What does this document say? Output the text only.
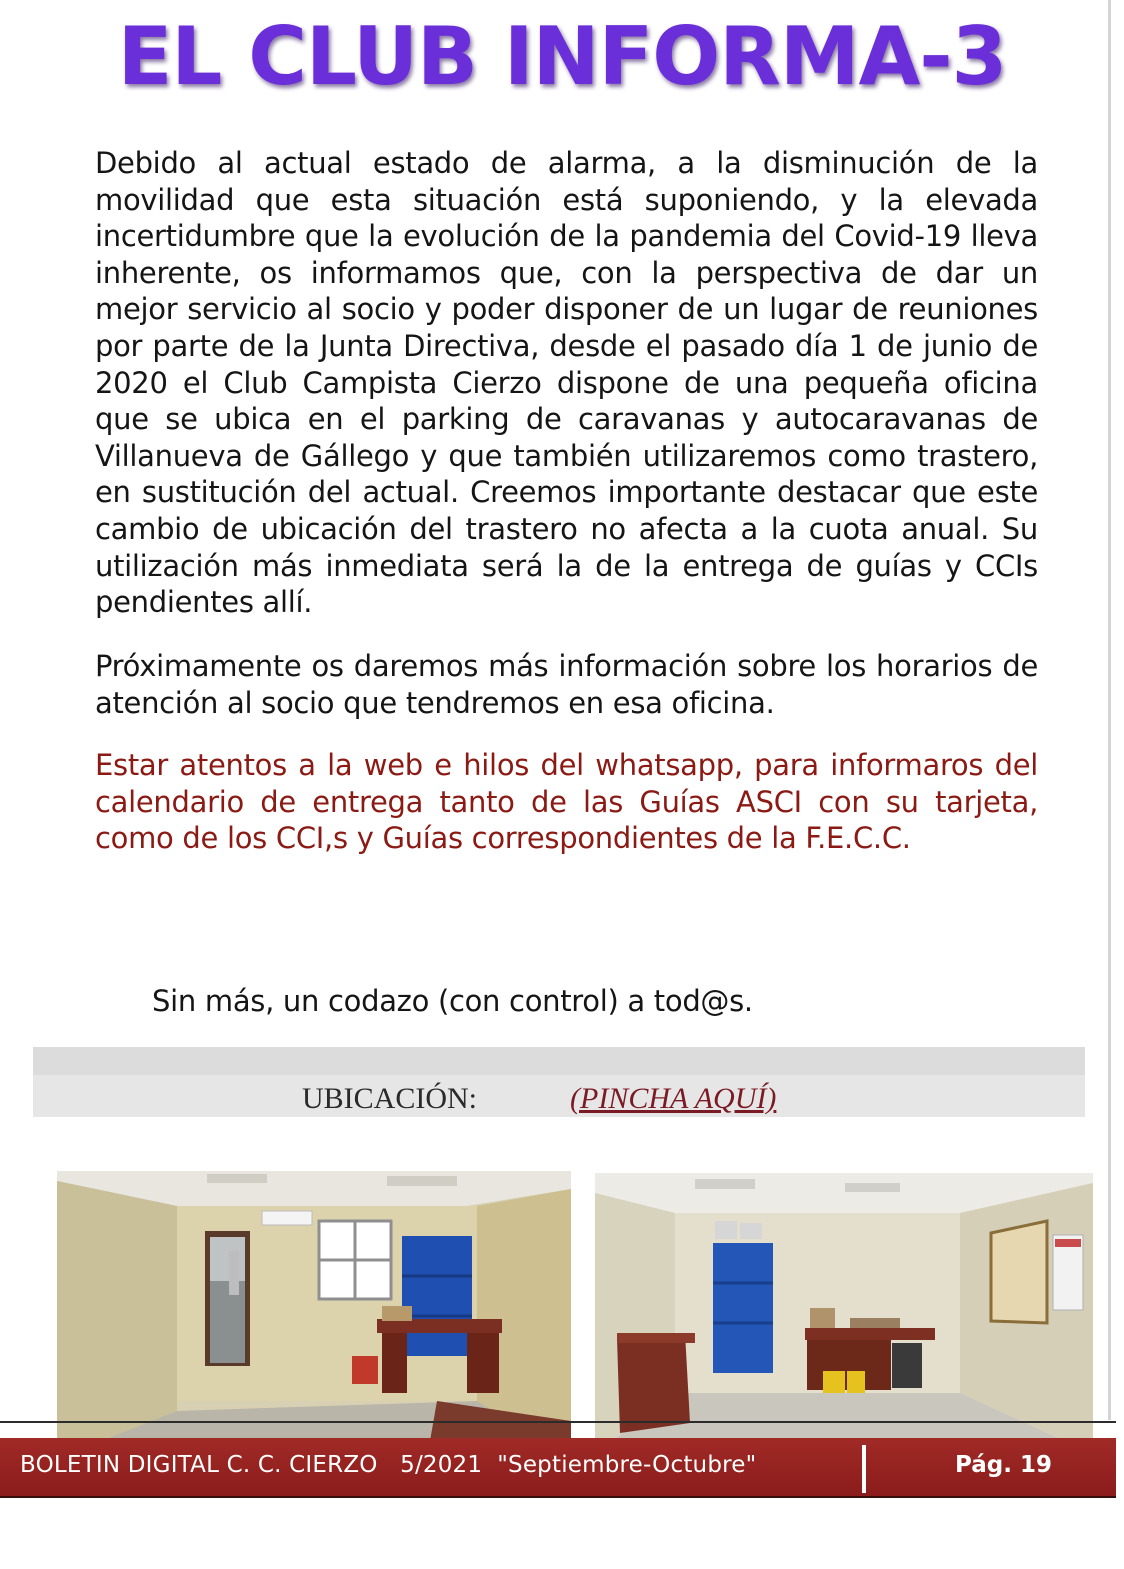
EL CLUB INFORMA-3

Debido al actual estado de alarma, a la disminución de la movilidad que esta situación está suponiendo, y la elevada incertidumbre que la evolución de la pandemia del Covid-19 lleva inherente, os informamos que, con la perspectiva de dar un mejor servicio al socio y poder disponer de un lugar de reuniones por parte de la Junta Directiva, desde el pasado día 1 de junio de 2020 el Club Campista Cierzo dispone de una pequeña oficina que se ubica en el parking de caravanas y autocaravanas de Villanueva de Gállego y que también utilizaremos como trastero, en sustitución del actual. Creemos importante destacar que este cambio de ubicación del trastero no afecta a la cuota anual. Su utilización más inmediata será la de la entrega de guías y CCIs pendientes allí.

Próximamente os daremos más información sobre los horarios de atención al socio que tendremos en esa oficina.

Estar atentos a la web e hilos del whatsapp, para informaros del calendario de entrega tanto de las Guías ASCI con su tarjeta, como de los CCI,s y Guías correspondientes de la F.E.C.C.

Sin más, un codazo (con control) a tod@s.

UBICACIÓN:	(PINCHA AQUÍ)
BOLETIN DIGITAL C. C. CIERZO   5/2021  "Septiembre-Octubre"	Pág. 19
